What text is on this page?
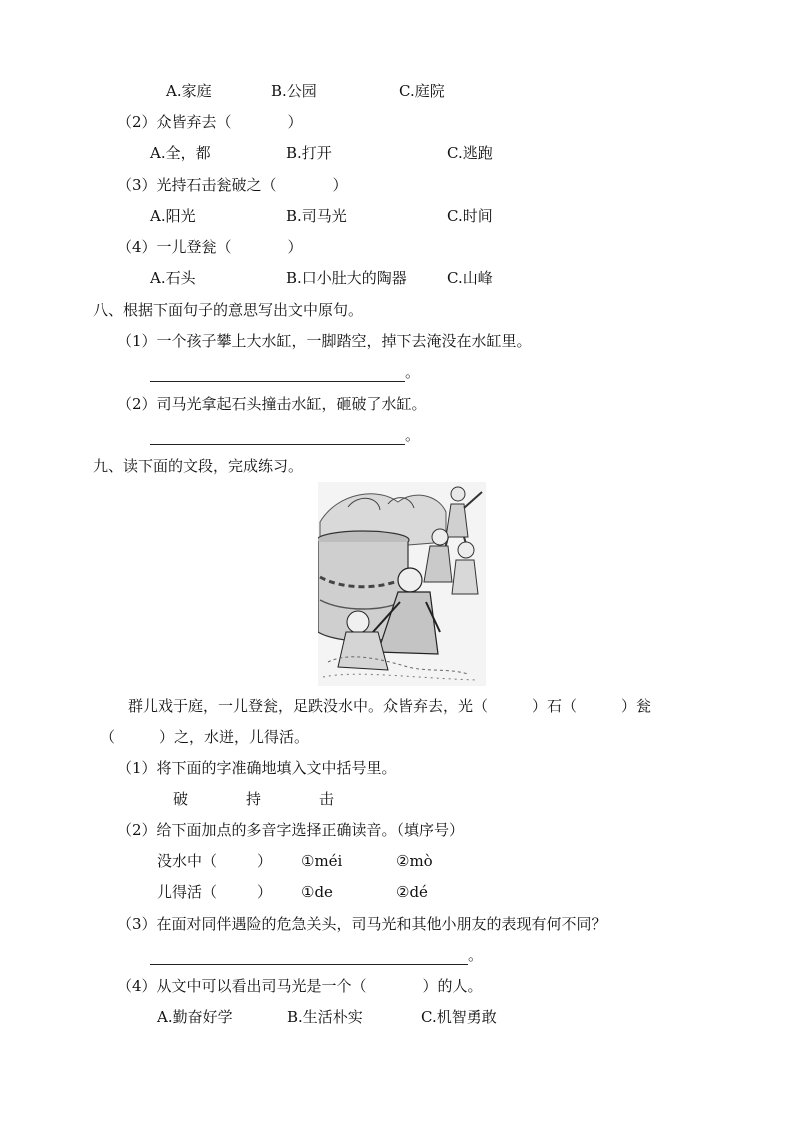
A.家庭	B.公园	C.庭院
（2）众皆弃去（	）
A.全，都	B.打开	C.逃跑
（3）光持石击瓮破之（	）
A.阳光	B.司马光	C.时间
（4）一儿登瓮（	）
A.石头	B.口小肚大的陶器	C.山峰
八、根据下面句子的意思写出文中原句。
（1）一个孩子攀上大水缸，一脚踏空，掉下去淹没在水缸里。
。
（2）司马光拿起石头撞击水缸，砸破了水缸。
。
九、读下面的文段，完成练习。
群儿戏于庭，一儿登瓮，足跌没水中。众皆弃去，光（	）石（	）瓮
（	）之，水迸，儿得活。
（1）将下面的字准确地填入文中括号里。
破	持	击
（2）给下面加点的多音字选择正确读音。（填序号）
没水中（	） ①méi	②mò
儿得活（	） ①de	②dé
（3）在面对同伴遇险的危急关头，司马光和其他小朋友的表现有何不同？
。
（4）从文中可以看出司马光是一个（	）的人。
A.勤奋好学	B.生活朴实	C.机智勇敢
